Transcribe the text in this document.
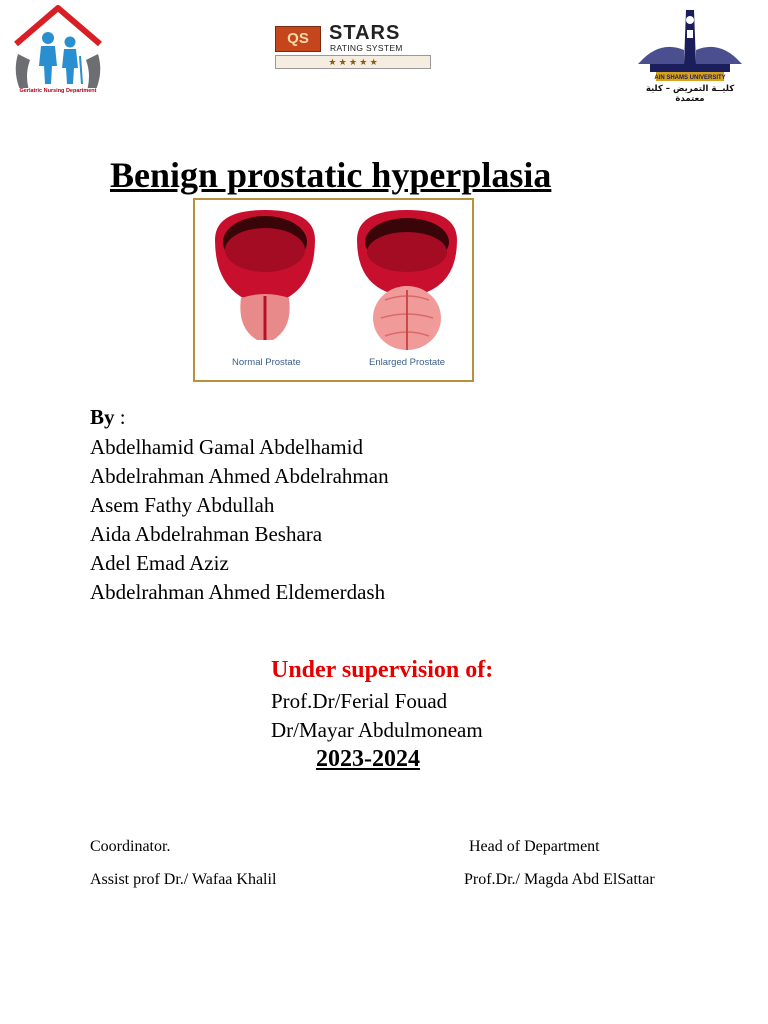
Geriatric Nursing Department
QS	STARS
RATING SYSTEM
★ ★ ★ ★ ★
AIN SHAMS UNIVERSITY
كليــة التمريض – كلية معتمدة
Benign prostatic hyperplasia
Normal Prostate	Enlarged Prostate
By :
Abdelhamid Gamal Abdelhamid
Abdelrahman Ahmed Abdelrahman
Asem Fathy Abdullah
Aida Abdelrahman Beshara
Adel Emad Aziz
Abdelrahman Ahmed Eldemerdash
Under supervision of:
Prof.Dr/Ferial Fouad
Dr/Mayar Abdulmoneam
2023-2024
Coordinator.
Assist prof Dr./ Wafaa Khalil
Head of Department
Prof.Dr./ Magda Abd ElSattar
